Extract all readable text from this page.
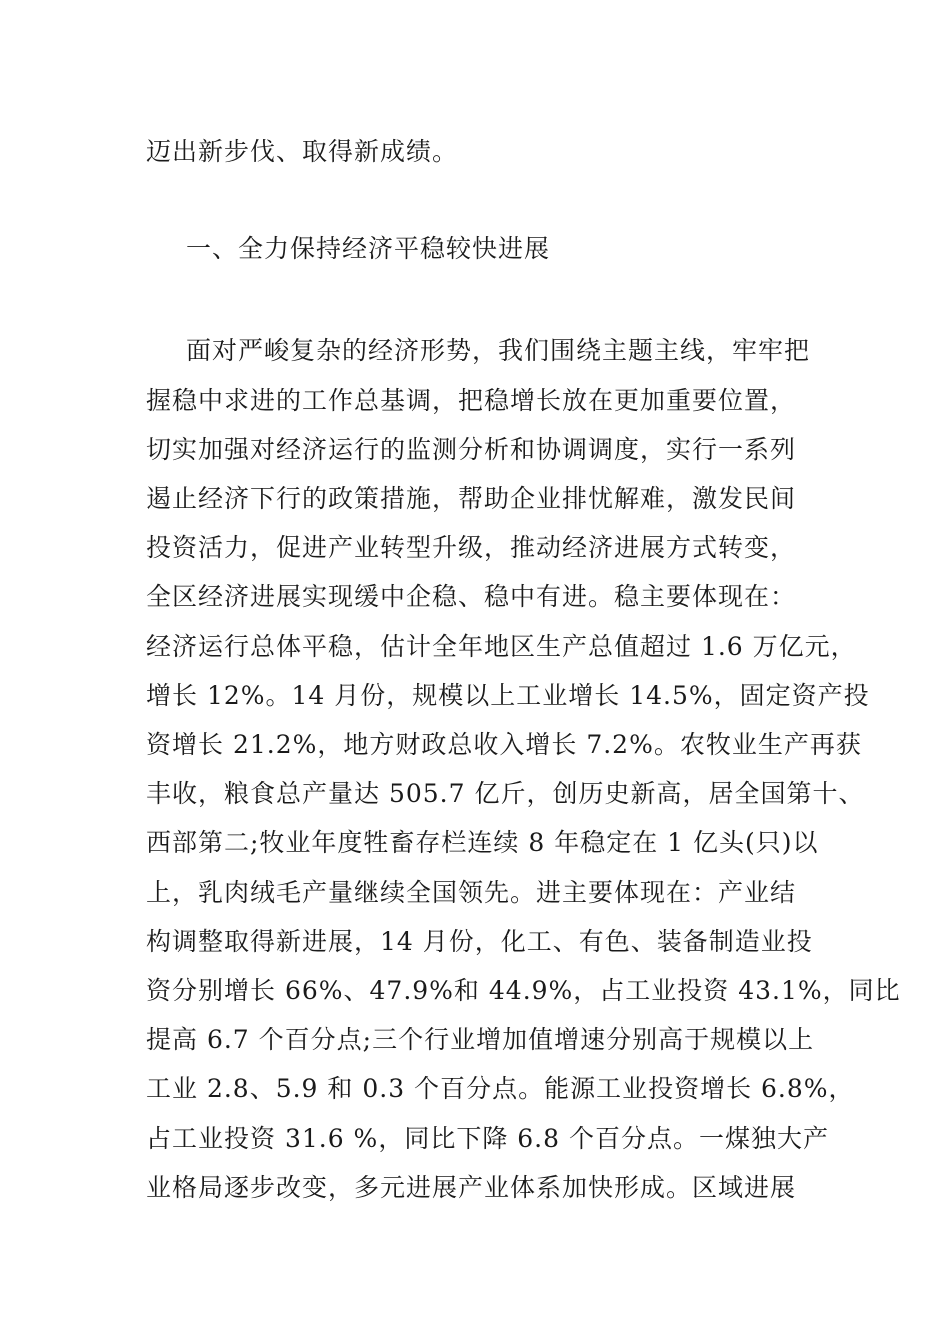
迈出新步伐、取得新成绩。
一、全力保持经济平稳较快进展
面对严峻复杂的经济形势，我们围绕主题主线，牢牢把
握稳中求进的工作总基调，把稳增长放在更加重要位置，
切实加强对经济运行的监测分析和协调调度，实行一系列
遏止经济下行的政策措施，帮助企业排忧解难，激发民间
投资活力，促进产业转型升级，推动经济进展方式转变，
全区经济进展实现缓中企稳、稳中有进。稳主要体现在：
经济运行总体平稳，估计全年地区生产总值超过 1.6 万亿元，
增长 12%。14 月份，规模以上工业增长 14.5%，固定资产投
资增长 21.2%，地方财政总收入增长 7.2%。农牧业生产再获
丰收，粮食总产量达 505.7 亿斤，创历史新高，居全国第十、
西部第二;牧业年度牲畜存栏连续 8 年稳定在 1 亿头(只)以
上，乳肉绒毛产量继续全国领先。进主要体现在：产业结
构调整取得新进展，14 月份，化工、有色、装备制造业投
资分别增长 66%、47.9%和 44.9%，占工业投资 43.1%，同比
提高 6.7 个百分点;三个行业增加值增速分别高于规模以上
工业 2.8、5.9 和 0.3 个百分点。能源工业投资增长 6.8%，
占工业投资 31.6 %，同比下降 6.8 个百分点。一煤独大产
业格局逐步改变，多元进展产业体系加快形成。区域进展
